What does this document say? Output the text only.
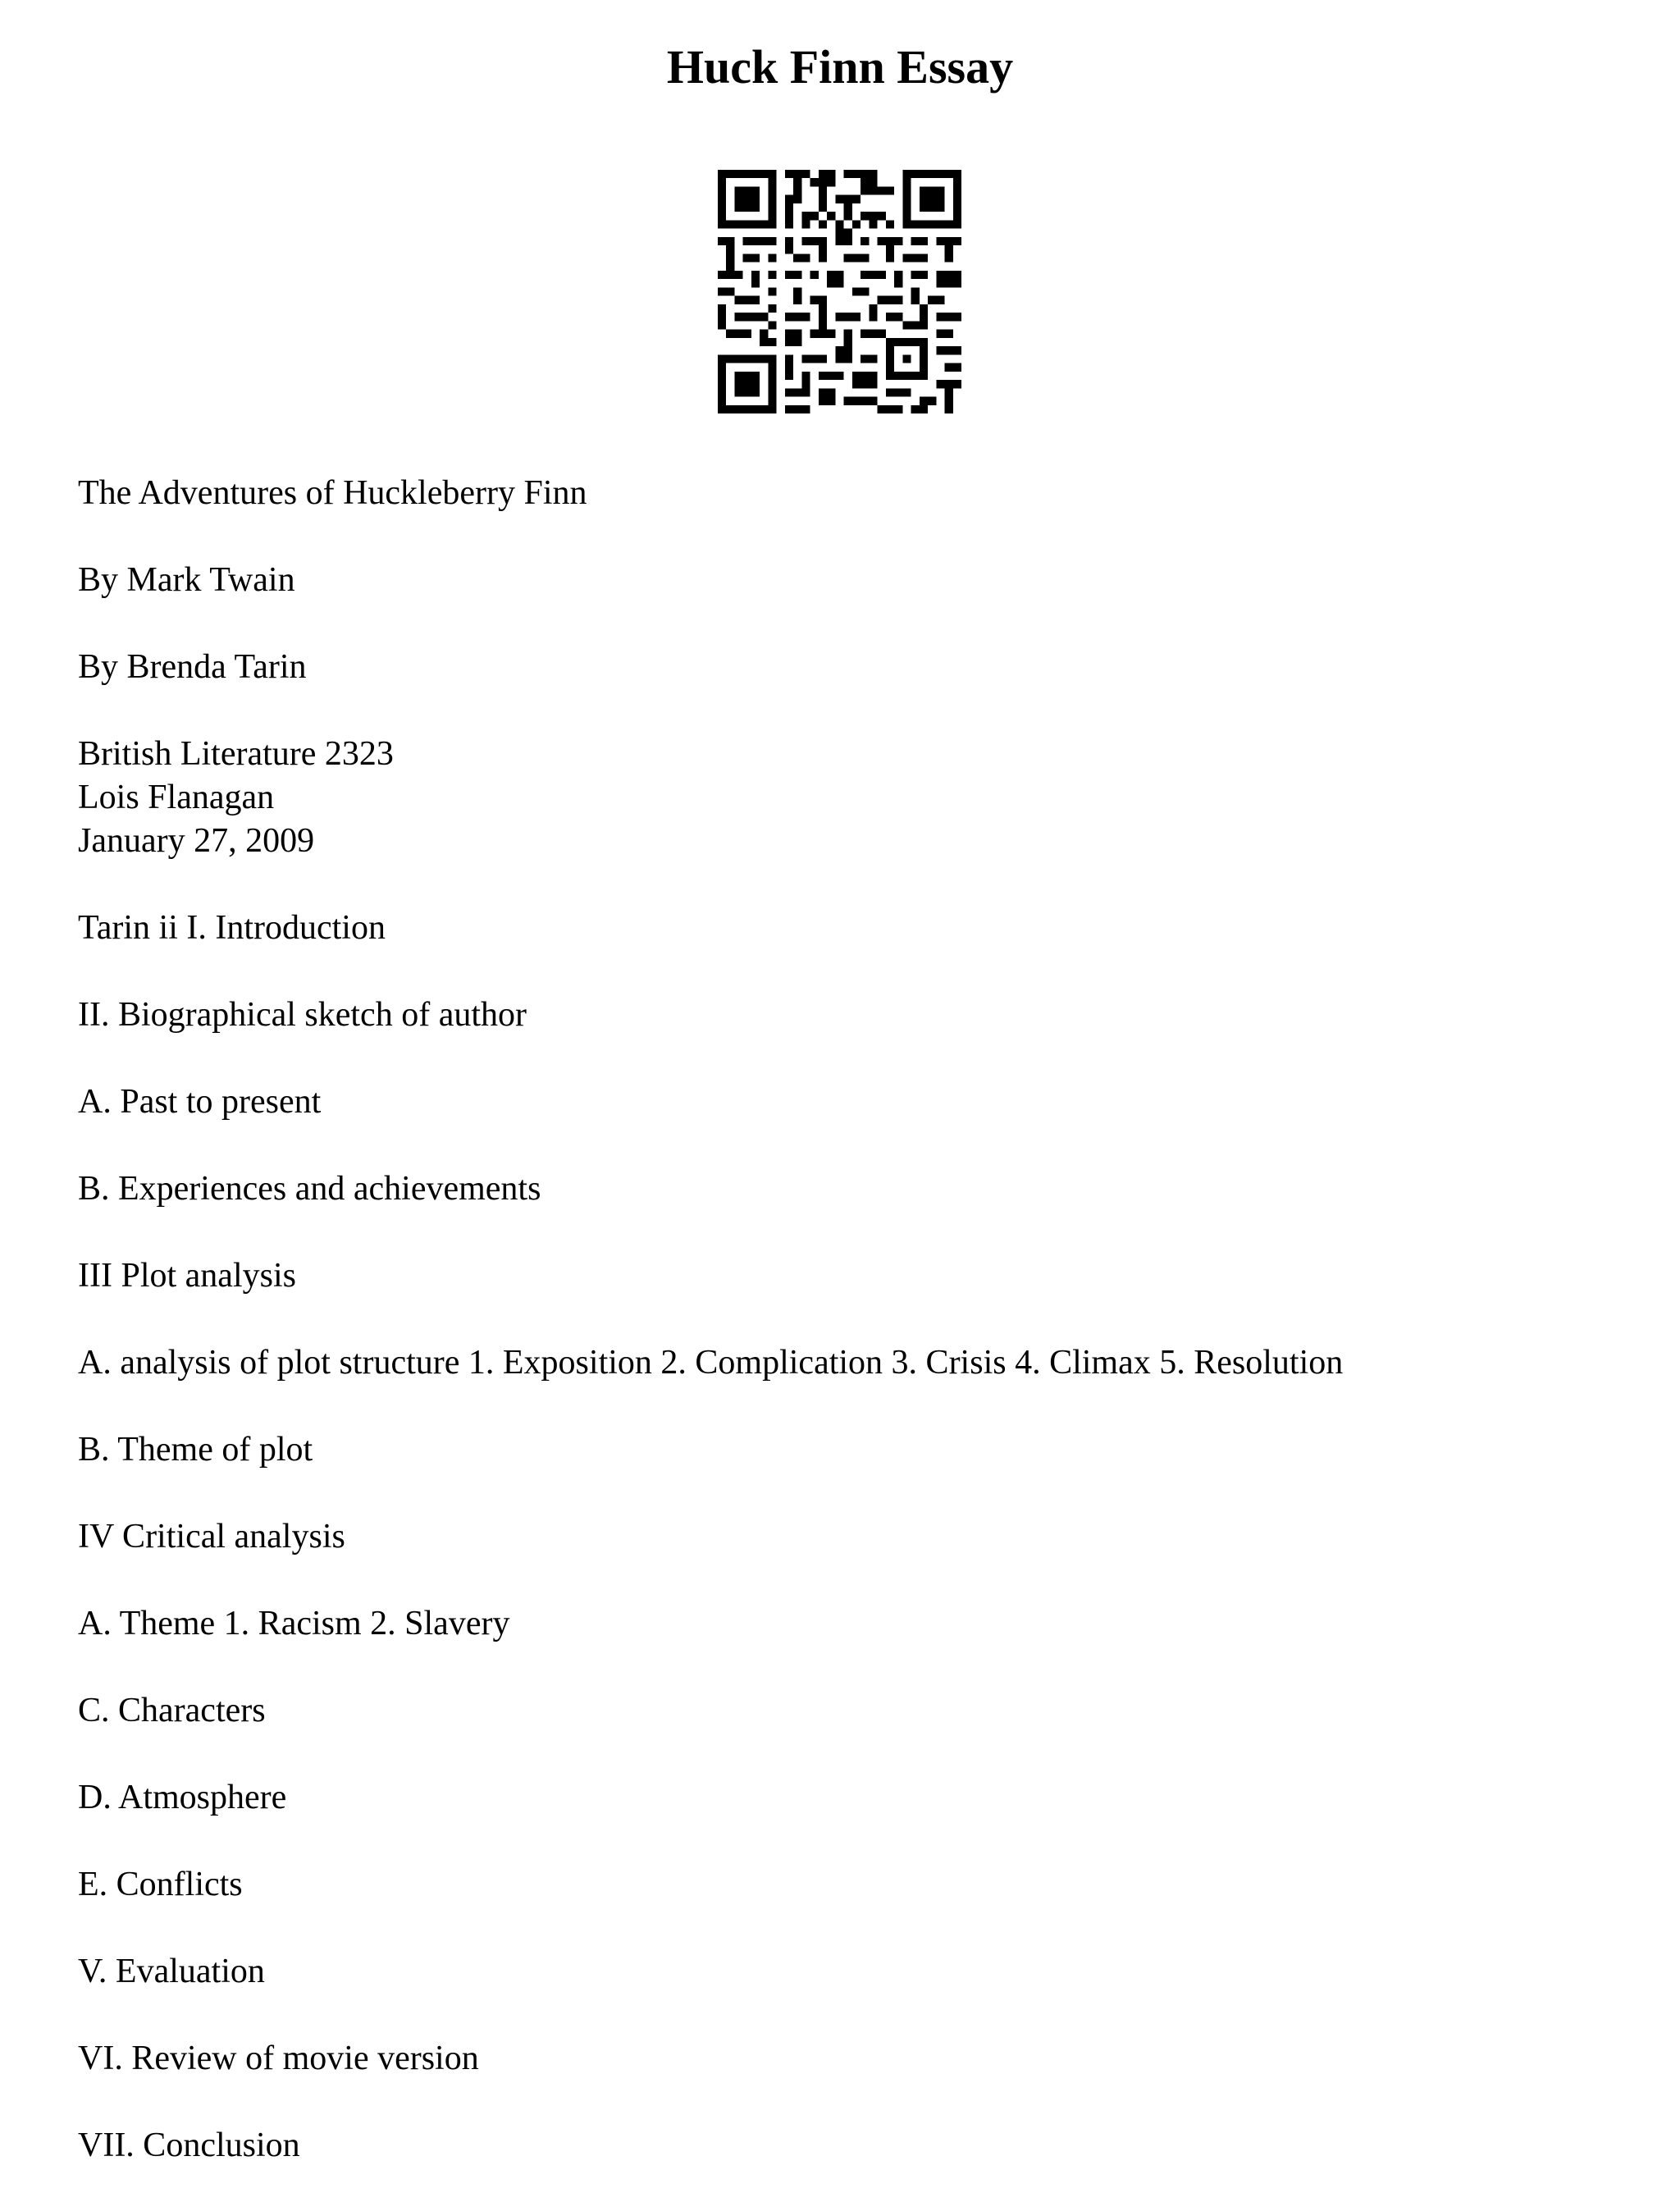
Huck Finn Essay

The Adventures of Huckleberry Finn

By Mark Twain

By Brenda Tarin

British Literature 2323
Lois Flanagan
January 27, 2009

Tarin ii I. Introduction

II. Biographical sketch of author

A. Past to present

B. Experiences and achievements

III Plot analysis

A. analysis of plot structure 1. Exposition 2. Complication 3. Crisis 4. Climax 5. Resolution

B. Theme of plot

IV Critical analysis

A. Theme 1. Racism 2. Slavery

C. Characters

D. Atmosphere

E. Conflicts

V. Evaluation

VI. Review of movie version

VII. Conclusion
